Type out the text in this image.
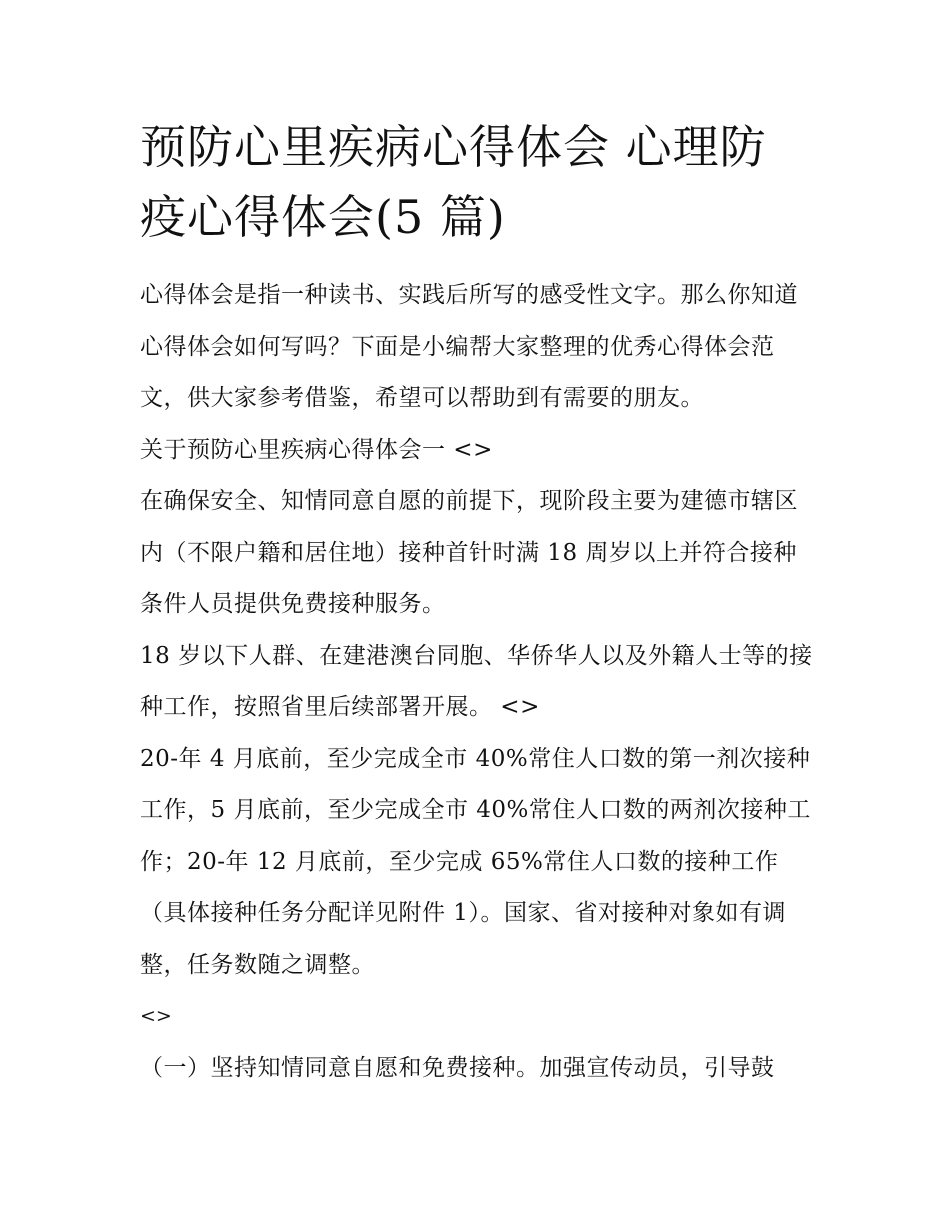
预防心里疾病心得体会 心理防
疫心得体会(5 篇)

心得体会是指一种读书、实践后所写的感受性文字。那么你知道心得体会如何写吗？下面是小编帮大家整理的优秀心得体会范文，供大家参考借鉴，希望可以帮助到有需要的朋友。

关于预防心里疾病心得体会一 <>

在确保安全、知情同意自愿的前提下，现阶段主要为建德市辖区内（不限户籍和居住地）接种首针时满 18 周岁以上并符合接种条件人员提供免费接种服务。

18 岁以下人群、在建港澳台同胞、华侨华人以及外籍人士等的接种工作，按照省里后续部署开展。 <>

20-年 4 月底前，至少完成全市 40%常住人口数的第一剂次接种工作，5 月底前，至少完成全市 40%常住人口数的两剂次接种工作；20-年 12 月底前，至少完成 65%常住人口数的接种工作（具体接种任务分配详见附件 1）。国家、省对接种对象如有调整，任务数随之调整。

<>

（一）坚持知情同意自愿和免费接种。加强宣传动员，引导鼓
